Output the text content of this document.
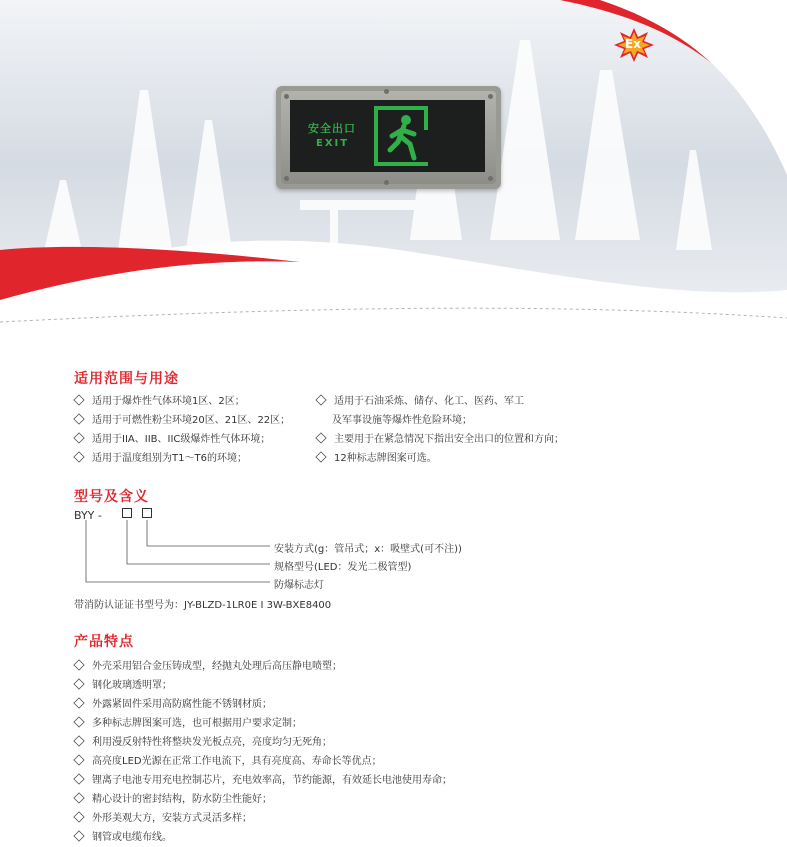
Ex
安全出口
EXIT
适用范围与用途
适用于爆炸性气体环境1区、2区；
适用于可燃性粉尘环境20区、21区、22区；
适用于IIA、IIB、IIC级爆炸性气体环境；
适用于温度组别为T1～T6的环境；
适用于石油采炼、储存、化工、医药、军工
及军事设施等爆炸性危险环境；
主要用于在紧急情况下指出安全出口的位置和方向；
12种标志牌图案可选。
型号及含义
BYY -
安装方式(g：管吊式；x：吸壁式(可不注))
规格型号(LED：发光二极管型)
防爆标志灯
带消防认证证书型号为：JY-BLZD-1LR0E I 3W-BXE8400
产品特点
外壳采用铝合金压铸成型，经抛丸处理后高压静电喷塑；
钢化玻璃透明罩；
外露紧固件采用高防腐性能不锈钢材质；
多种标志牌图案可选，也可根据用户要求定制；
利用漫反射特性将整块发光板点亮，亮度均匀无死角；
高亮度LED光源在正常工作电流下，具有亮度高、寿命长等优点；
锂离子电池专用充电控制芯片，充电效率高，节约能源，有效延长电池使用寿命；
精心设计的密封结构，防水防尘性能好；
外形美观大方，安装方式灵活多样；
钢管或电缆布线。
